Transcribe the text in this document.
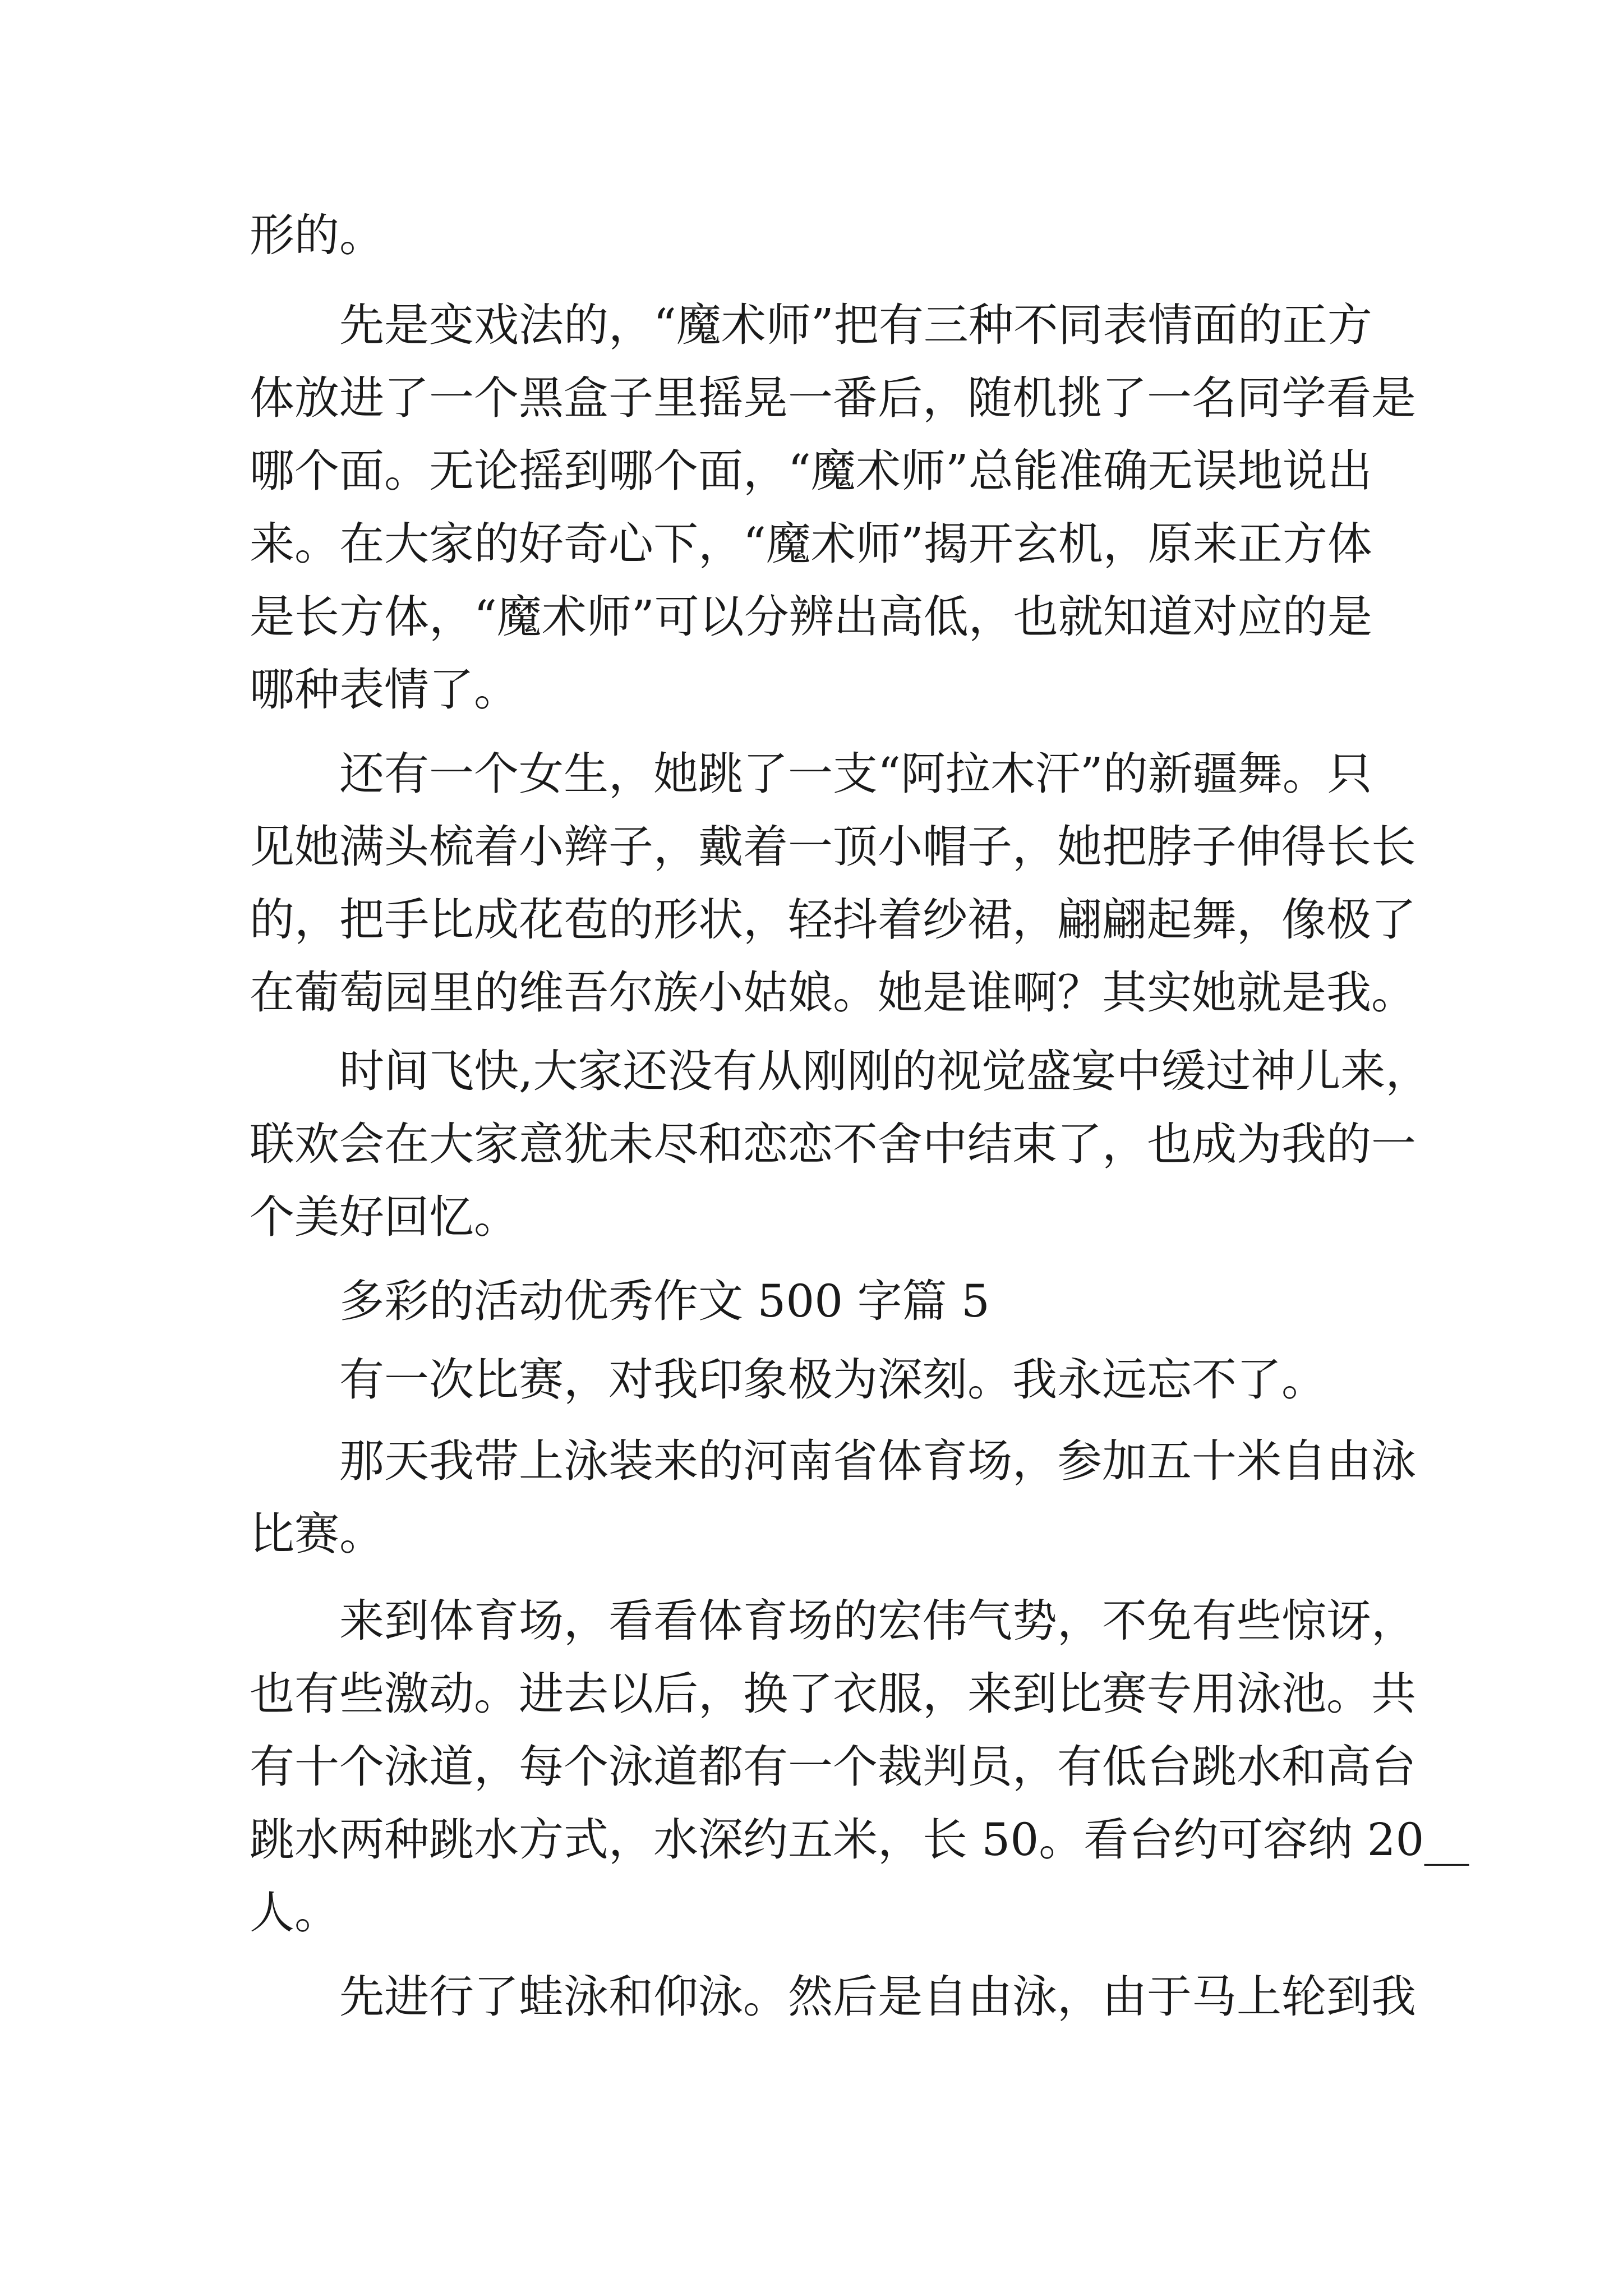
形的。

先是变戏法的，“魔术师”把有三种不同表情面的正方

体放进了一个黑盒子里摇晃一番后，随机挑了一名同学看是

哪个面。无论摇到哪个面，“魔术师”总能准确无误地说出

来。在大家的好奇心下，“魔术师”揭开玄机，原来正方体

是长方体，“魔术师”可以分辨出高低，也就知道对应的是

哪种表情了。

还有一个女生，她跳了一支“阿拉木汗”的新疆舞。只

见她满头梳着小辫子，戴着一顶小帽子，她把脖子伸得长长

的，把手比成花苞的形状，轻抖着纱裙，翩翩起舞，像极了

在葡萄园里的维吾尔族小姑娘。她是谁啊？其实她就是我。

时间飞快,大家还没有从刚刚的视觉盛宴中缓过神儿来，

联欢会在大家意犹未尽和恋恋不舍中结束了，也成为我的一

个美好回忆。

多彩的活动优秀作文 500 字篇 5

有一次比赛，对我印象极为深刻。我永远忘不了。

那天我带上泳装来的河南省体育场，参加五十米自由泳

比赛。

来到体育场，看看体育场的宏伟气势，不免有些惊讶，

也有些激动。进去以后，换了衣服，来到比赛专用泳池。共

有十个泳道，每个泳道都有一个裁判员，有低台跳水和高台

跳水两种跳水方式，水深约五米，长 50。看台约可容纳 20__

人。

先进行了蛙泳和仰泳。然后是自由泳，由于马上轮到我
